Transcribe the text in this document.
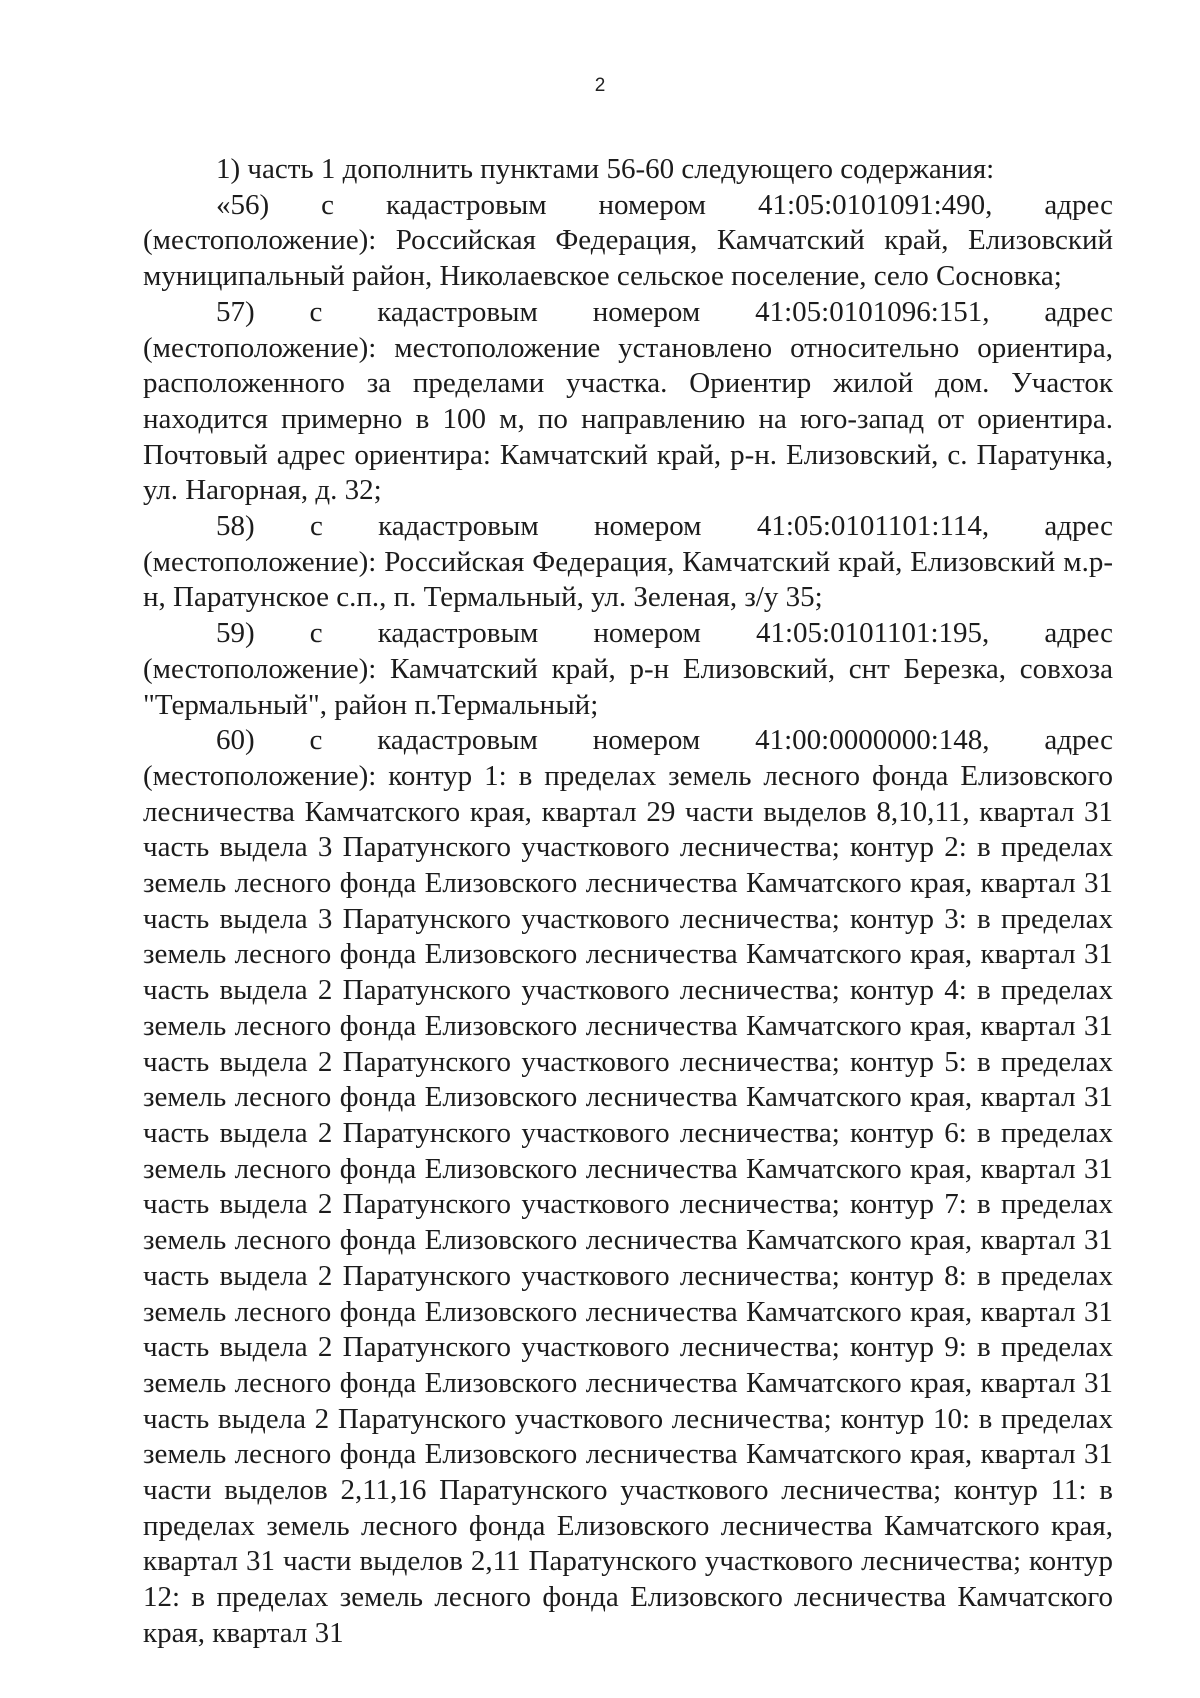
2

1) часть 1 дополнить пунктами 56-60 следующего содержания:

«56) с кадастровым номером 41:05:0101091:490, адрес (местоположение): Российская Федерация, Камчатский край, Елизовский муниципальный район, Николаевское сельское поселение, село Сосновка;

57) с кадастровым номером 41:05:0101096:151, адрес (местоположение): местоположение установлено относительно ориентира, расположенного за пределами участка. Ориентир жилой дом. Участок находится примерно в 100 м, по направлению на юго-запад от ориентира. Почтовый адрес ориентира: Камчатский край, р-н. Елизовский, с. Паратунка, ул. Нагорная, д. 32;

58) с кадастровым номером 41:05:0101101:114, адрес (местоположение): Российская Федерация, Камчатский край, Елизовский м.р-н, Паратунское с.п., п. Термальный, ул. Зеленая, з/у 35;

59) с кадастровым номером 41:05:0101101:195, адрес (местоположение): Камчатский край, р-н Елизовский, снт Березка, совхоза "Термальный", район п.Термальный;

60) с кадастровым номером 41:00:0000000:148, адрес (местоположение): контур 1: в пределах земель лесного фонда Елизовского лесничества Камчатского края, квартал 29 части выделов 8,10,11, квартал 31 часть выдела 3 Паратунского участкового лесничества; контур 2: в пределах земель лесного фонда Елизовского лесничества Камчатского края, квартал 31 часть выдела 3 Паратунского участкового лесничества; контур 3: в пределах земель лесного фонда Елизовского лесничества Камчатского края, квартал 31 часть выдела 2 Паратунского участкового лесничества; контур 4: в пределах земель лесного фонда Елизовского лесничества Камчатского края, квартал 31 часть выдела 2 Паратунского участкового лесничества; контур 5: в пределах земель лесного фонда Елизовского лесничества Камчатского края, квартал 31 часть выдела 2 Паратунского участкового лесничества; контур 6: в пределах земель лесного фонда Елизовского лесничества Камчатского края, квартал 31 часть выдела 2 Паратунского участкового лесничества; контур 7: в пределах земель лесного фонда Елизовского лесничества Камчатского края, квартал 31 часть выдела 2 Паратунского участкового лесничества; контур 8: в пределах земель лесного фонда Елизовского лесничества Камчатского края, квартал 31 часть выдела 2 Паратунского участкового лесничества; контур 9: в пределах земель лесного фонда Елизовского лесничества Камчатского края, квартал 31 часть выдела 2 Паратунского участкового лесничества; контур 10: в пределах земель лесного фонда Елизовского лесничества Камчатского края, квартал 31 части выделов 2,11,16 Паратунского участкового лесничества; контур 11: в пределах земель лесного фонда Елизовского лесничества Камчатского края, квартал 31 части выделов 2,11 Паратунского участкового лесничества; контур 12: в пределах земель лесного фонда Елизовского лесничества Камчатского края, квартал 31
